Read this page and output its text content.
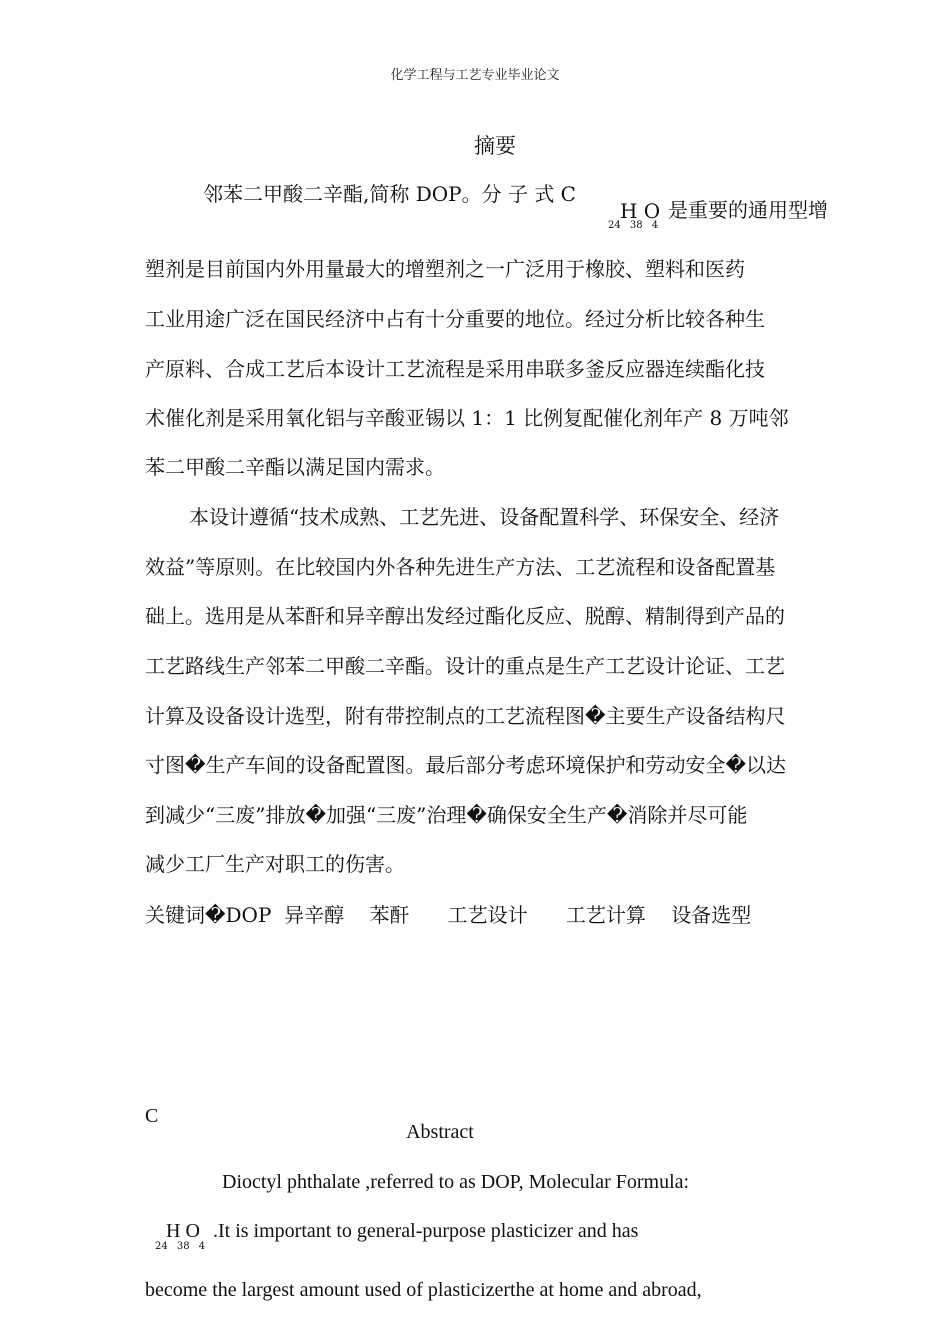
化学工程与工艺专业毕业论文
摘要
邻苯二甲酸二辛酯,简称 DOP。分 子 式 C
H O
24 38 4
是重要的通用型增
塑剂是目前国内外用量最大的增塑剂之一广泛用于橡胶、塑料和医药
工业用途广泛在国民经济中占有十分重要的地位。经过分析比较各种生
产原料、合成工艺后本设计工艺流程是采用串联多釜反应器连续酯化技
术催化剂是采用氧化铝与辛酸亚锡以 1：1 比例复配催化剂年产 8 万吨邻
苯二甲酸二辛酯以满足国内需求。
本设计遵循“技术成熟、工艺先进、设备配置科学、环保安全、经济
效益”等原则。在比较国内外各种先进生产方法、工艺流程和设备配置基
础上。选用是从苯酐和异辛醇出发经过酯化反应、脱醇、精制得到产品的
工艺路线生产邻苯二甲酸二辛酯。设计的重点是生产工艺设计论证、工艺
计算及设备设计选型，附有带控制点的工艺流程图�主要生产设备结构尺
寸图�生产车间的设备配置图。最后部分考虑环境保护和劳动安全�以达
到减少“三废”排放�加强“三废”治理�确保安全生产�消除并尽可能
减少工厂生产对职工的伤害。
关键词�DOP  异辛醇    苯酐      工艺设计      工艺计算    设备选型
C
Abstract
Dioctyl phthalate ,referred to as DOP, Molecular Formula:
H O
24 38 4
.It is important to general-purpose plasticizer and has
become the largest amount used of plasticizerthe at home and abroad,
